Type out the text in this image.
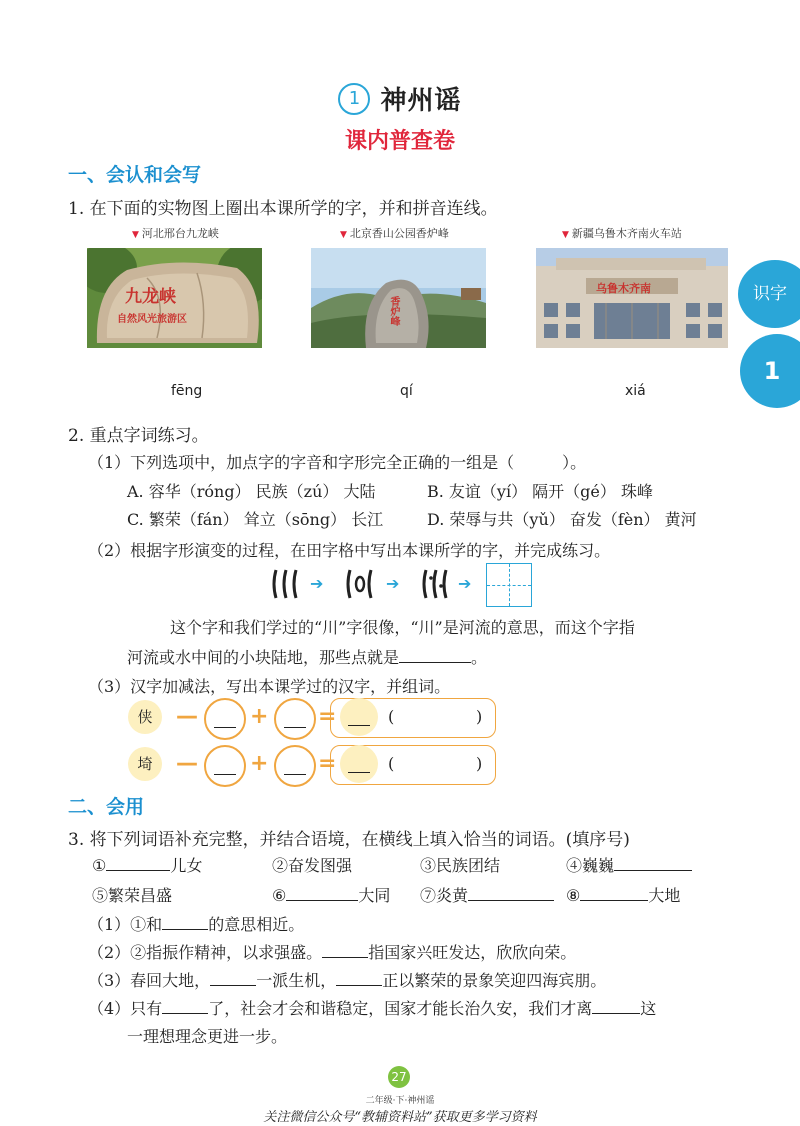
1 神州谣
课内普查卷
识字
1
一、会认和会写
1. 在下面的实物图上圈出本课所学的字，并和拼音连线。
▼ 河北邢台九龙峡	▼ 北京香山公园香炉峰	▼ 新疆乌鲁木齐南火车站
九龙峡
自然风光旅游区	香炉峰
乌鲁木齐南
fēng	qí	xiá
2. 重点字词练习。
（1）下列选项中，加点字的字音和字形完全正确的一组是（　　　）。
A. 容华（róng） 民族（zú） 大陆	B. 友谊（yí） 隔开（gé） 珠峰
C. 繁荣（fán） 耸立（sōng） 长江	D. 荣辱与共（yǔ） 奋发（fèn） 黄河
（2）根据字形演变的过程，在田字格中写出本课所学的字，并完成练习。
➔	➔	➔
这个字和我们学过的“川”字很像，“川”是河流的意思，而这个字指
河流或水中间的小块陆地，那些点就是	。
（3）汉字加减法，写出本课学过的汉字，并组词。
侠	— + =	(	)
埼	— + =	(	)
二、会用
3. 将下列词语补充完整，并结合语境，在横线上填入恰当的词语。(填序号)
①	儿女	②奋发图强	③民族团结	④巍巍
⑤繁荣昌盛	⑥	大同 ⑦炎黄	⑧	大地
（1）①和	的意思相近。
（2）②指振作精神，以求强盛。	指国家兴旺发达，欣欣向荣。
（3）春回大地，	一派生机，	正以繁荣的景象笑迎四海宾朋。
（4）只有	了，社会才会和谐稳定，国家才能长治久安，我们才离	这
一理想理念更进一步。
27
二年级·下·神州谣
关注微信公众号“教辅资料站”获取更多学习资料
